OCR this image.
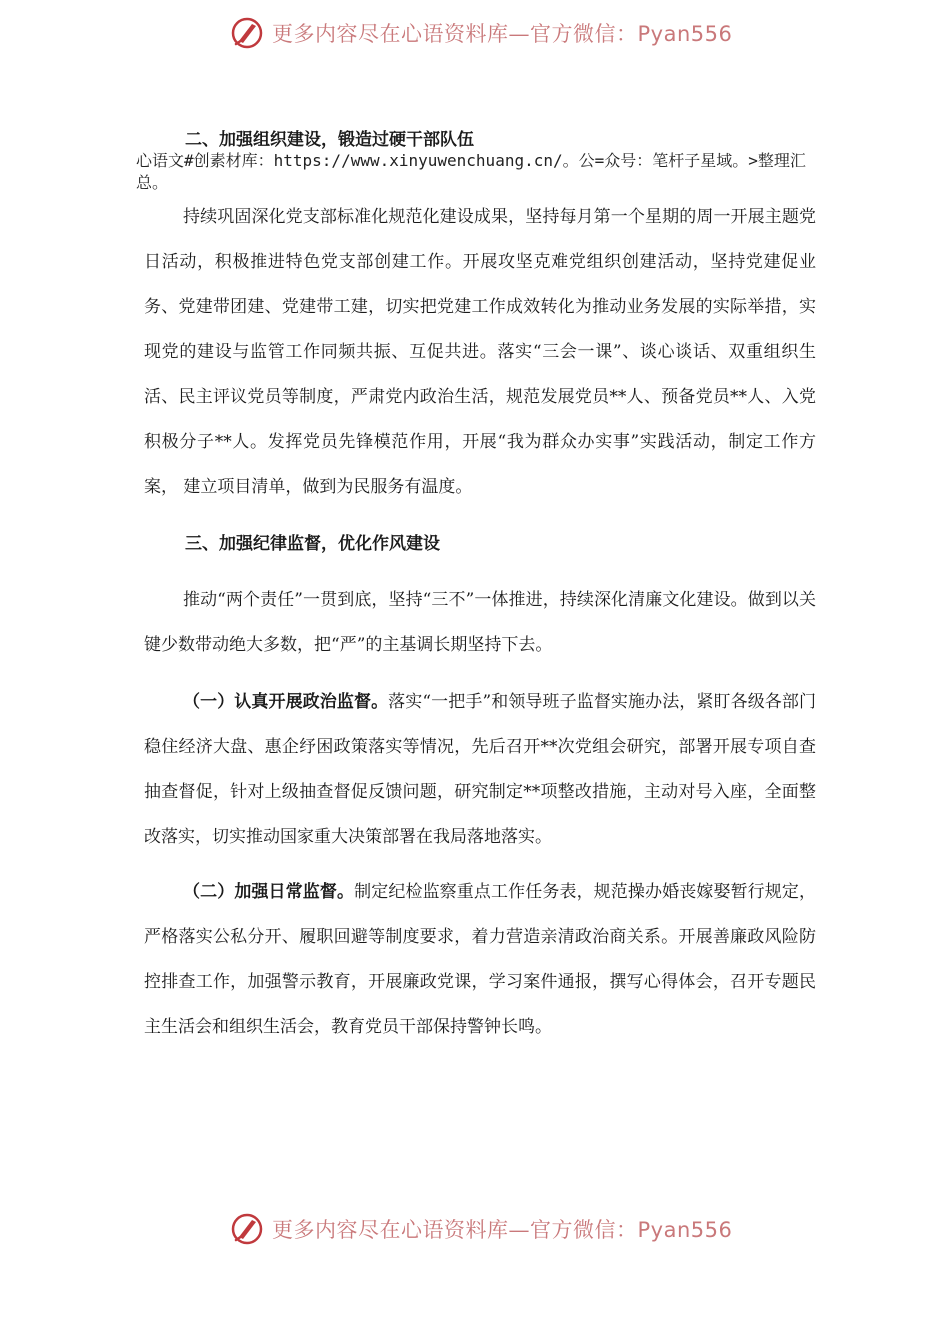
更多内容尽在心语资料库—官方微信：Pyan556
二、加强组织建设，锻造过硬干部队伍
心语文#创素材库：https://www.xinyuwenchuang.cn/。公=众号：笔杆子星域。>整理汇总。
持续巩固深化党支部标准化规范化建设成果，坚持每月第一个星期的周一开展主题党日活动，积极推进特色党支部创建工作。开展攻坚克难党组织创建活动，坚持党建促业务、党建带团建、党建带工建，切实把党建工作成效转化为推动业务发展的实际举措，实现党的建设与监管工作同频共振、互促共进。落实“三会一课”、谈心谈话、双重组织生活、民主评议党员等制度，严肃党内政治生活，规范发展党员**人、预备党员**人、入党积极分子**人。发挥党员先锋模范作用，开展“我为群众办实事”实践活动，制定工作方案， 建立项目清单，做到为民服务有温度。
三、加强纪律监督，优化作风建设
推动“两个责任”一贯到底，坚持“三不”一体推进，持续深化清廉文化建设。做到以关键少数带动绝大多数，把“严”的主基调长期坚持下去。
（一）认真开展政治监督。落实“一把手”和领导班子监督实施办法，紧盯各级各部门稳住经济大盘、惠企纾困政策落实等情况，先后召开**次党组会研究，部署开展专项自查抽查督促，针对上级抽查督促反馈问题，研究制定**项整改措施，主动对号入座，全面整改落实，切实推动国家重大决策部署在我局落地落实。
（二）加强日常监督。制定纪检监察重点工作任务表，规范操办婚丧嫁娶暂行规定， 严格落实公私分开、履职回避等制度要求，着力营造亲清政治商关系。开展善廉政风险防控排查工作，加强警示教育，开展廉政党课，学习案件通报，撰写心得体会，召开专题民主生活会和组织生活会，教育党员干部保持警钟长鸣。
更多内容尽在心语资料库—官方微信：Pyan556
